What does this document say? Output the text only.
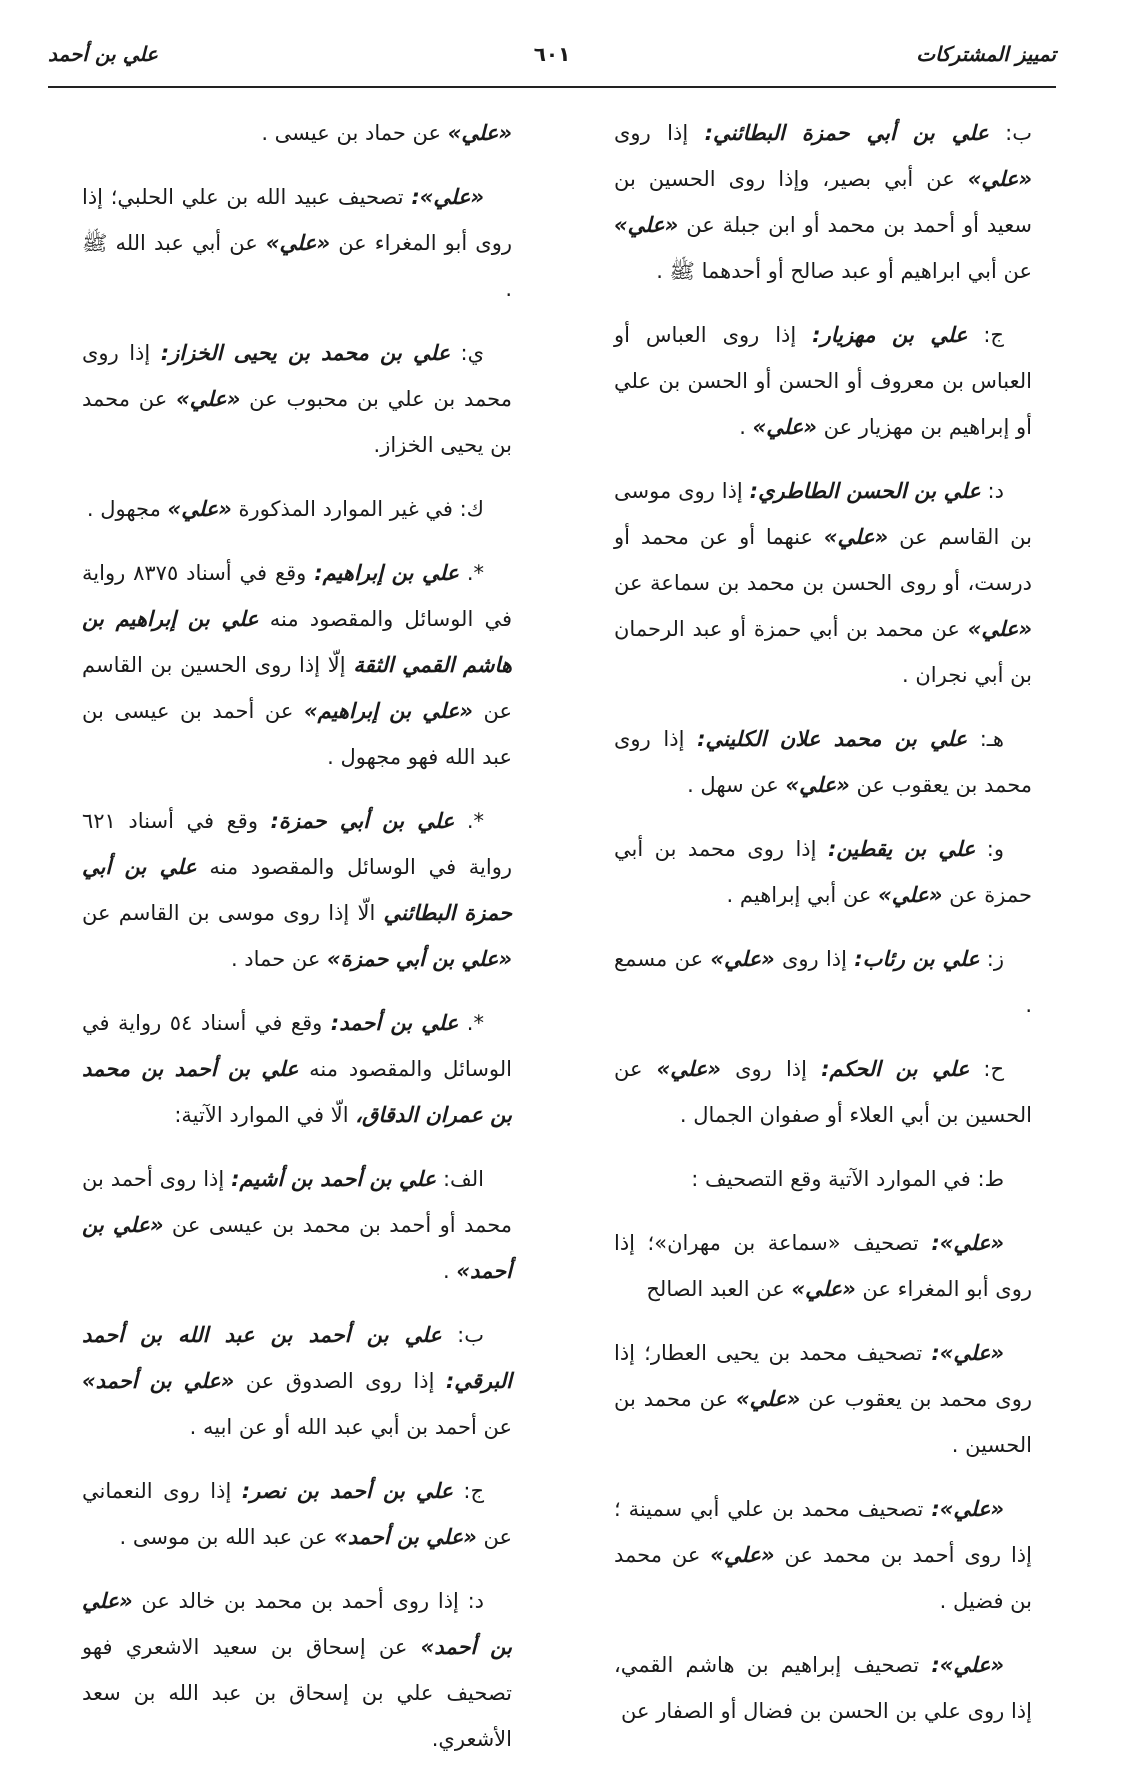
تمييز المشتركات
٦٠١
علي بن أحمد
ب: علي بن أبي حمزة البطائني: إذا روى «علي» عن أبي بصير، وإذا روى الحسين بن سعيد أو أحمد بن محمد أو ابن جبلة عن «علي» عن أبي ابراهيم أو عبد صالح أو أحدهما ﷺ .
ج: علي بن مهزيار: إذا روى العباس أو العباس بن معروف أو الحسن أو الحسن بن علي أو إبراهيم بن مهزيار عن «علي» .
د: علي بن الحسن الطاطري: إذا روى موسى بن القاسم عن «علي» عنهما أو عن محمد أو درست، أو روى الحسن بن محمد بن سماعة عن «علي» عن محمد بن أبي حمزة أو عبد الرحمان بن أبي نجران .
هـ: علي بن محمد علان الكليني: إذا روى محمد بن يعقوب عن «علي» عن سهل .
و: علي بن يقطين: إذا روى محمد بن أبي حمزة عن «علي» عن أبي إبراهيم .
ز: علي بن رئاب: إذا روى «علي» عن مسمع .
ح: علي بن الحكم: إذا روى «علي» عن الحسين بن أبي العلاء أو صفوان الجمال .
ط: في الموارد الآتية وقع التصحيف :
«علي»: تصحيف «سماعة بن مهران»؛ إذا روى أبو المغراء عن «علي» عن العبد الصالح
«علي»: تصحيف محمد بن يحيى العطار؛ إذا روى محمد بن يعقوب عن «علي» عن محمد بن الحسين .
«علي»: تصحيف محمد بن علي أبي سمينة ؛ إذا روى أحمد بن محمد عن «علي» عن محمد بن فضيل .
«علي»: تصحيف إبراهيم بن هاشم القمي، إذا روى علي بن الحسن بن فضال أو الصفار عن
«علي» عن حماد بن عيسى .
«علي»: تصحيف عبيد الله بن علي الحلبي؛ إذا روى أبو المغراء عن «علي» عن أبي عبد الله ﷺ .
ي: علي بن محمد بن يحيى الخزاز: إذا روى محمد بن علي بن محبوب عن «علي» عن محمد بن يحيى الخزاز.
ك: في غير الموارد المذكورة «علي» مجهول .
*. علي بن إبراهيم: وقع في أسناد ٨٣٧٥ رواية في الوسائل والمقصود منه علي بن إبراهيم بن هاشم القمي الثقة إلّا إذا روى الحسين بن القاسم عن «علي بن إبراهيم» عن أحمد بن عيسى بن عبد الله فهو مجهول .
*. علي بن أبي حمزة: وقع في أسناد ٦٢١ رواية في الوسائل والمقصود منه علي بن أبي حمزة البطائني الّا إذا روى موسى بن القاسم عن «علي بن أبي حمزة» عن حماد .
*. علي بن أحمد: وقع في أسناد ٥٤ رواية في الوسائل والمقصود منه علي بن أحمد بن محمد بن عمران الدقاق، الّا في الموارد الآتية:
الف: علي بن أحمد بن أشيم: إذا روى أحمد بن محمد أو أحمد بن محمد بن عيسى عن «علي بن أحمد» .
ب: علي بن أحمد بن عبد الله بن أحمد البرقي: إذا روى الصدوق عن «علي بن أحمد» عن أحمد بن أبي عبد الله أو عن ابيه .
ج: علي بن أحمد بن نصر: إذا روى النعماني عن «علي بن أحمد» عن عبد الله بن موسى .
د: إذا روى أحمد بن محمد بن خالد عن «علي بن أحمد» عن إسحاق بن سعيد الاشعري فهو تصحيف علي بن إسحاق بن عبد الله بن سعد الأشعري.
